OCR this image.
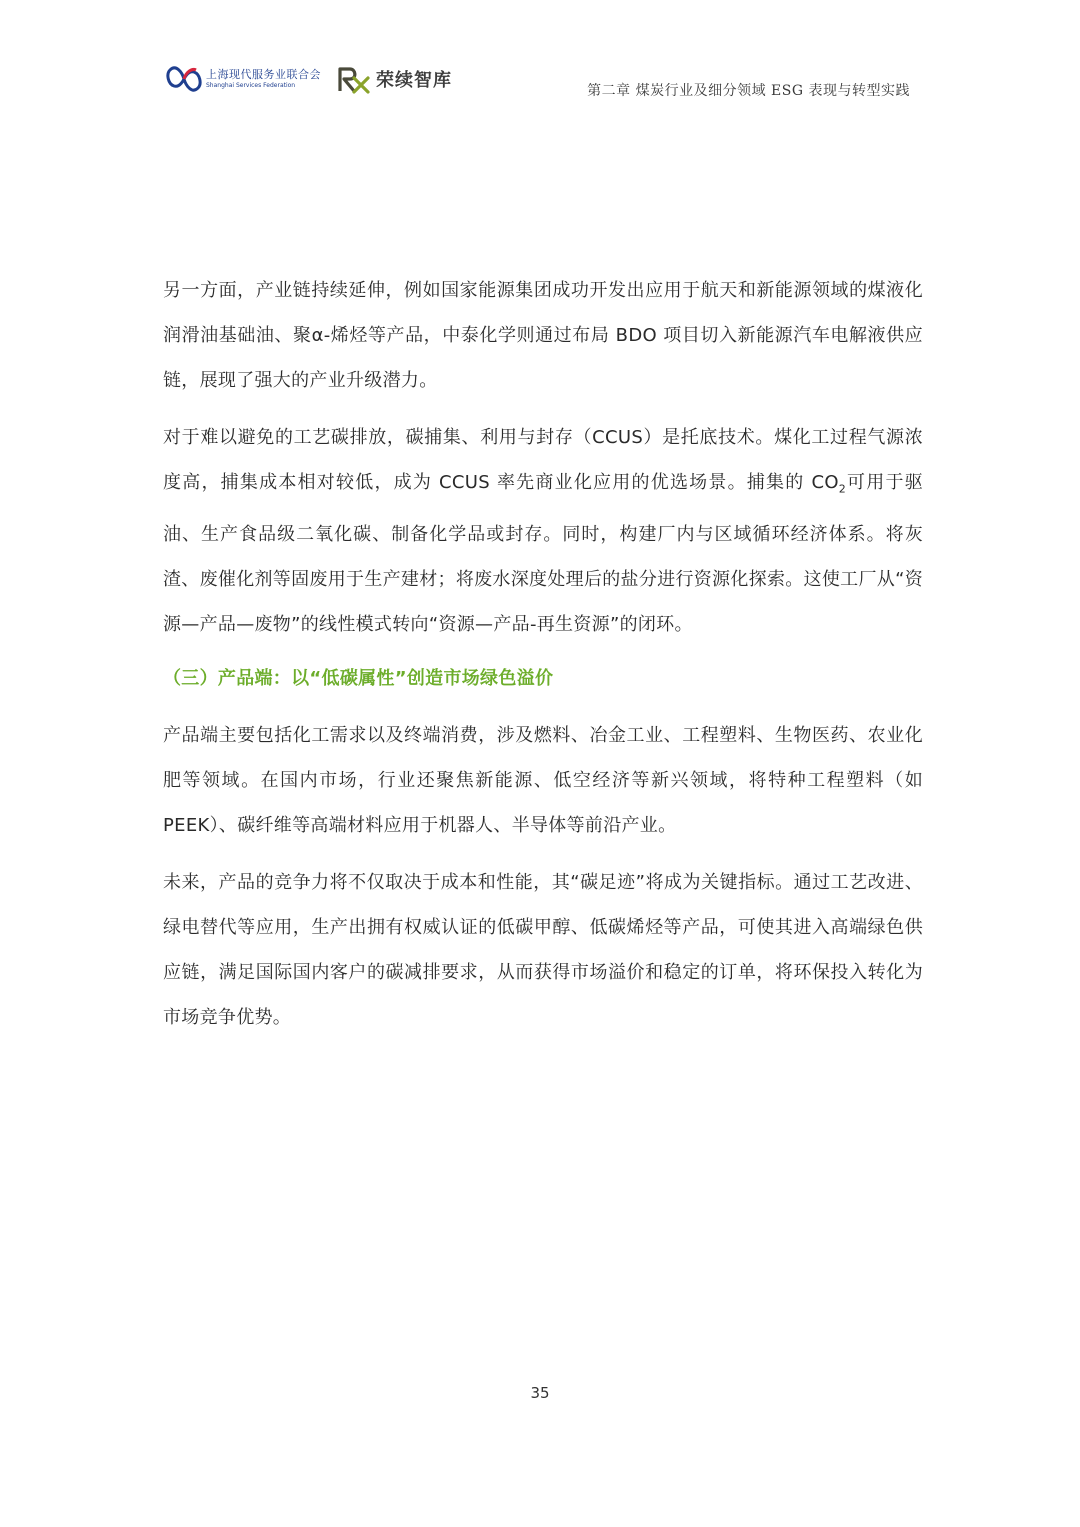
上海现代服务业联合会
Shanghai Services Federation	荣续智库	第二章 煤炭行业及细分领域 ESG 表现与转型实践

另一方面，产业链持续延伸，例如国家能源集团成功开发出应用于航天和新能源领域的煤液化润滑油基础油、聚α-烯烃等产品，中泰化学则通过布局 BDO 项目切入新能源汽车电解液供应链，展现了强大的产业升级潜力。

对于难以避免的工艺碳排放，碳捕集、利用与封存（CCUS）是托底技术。煤化工过程气源浓度高，捕集成本相对较低，成为 CCUS 率先商业化应用的优选场景。捕集的 $CO_2$可用于驱油、生产食品级二氧化碳、制备化学品或封存。同时，构建厂内与区域循环经济体系。将灰渣、废催化剂等固废用于生产建材；将废水深度处理后的盐分进行资源化探索。这使工厂从“资源—产品—废物”的线性模式转向“资源—产品-再生资源”的闭环。

（三）产品端：以“低碳属性”创造市场绿色溢价

产品端主要包括化工需求以及终端消费，涉及燃料、冶金工业、工程塑料、生物医药、农业化肥等领域。在国内市场，行业还聚焦新能源、低空经济等新兴领域，将特种工程塑料（如 PEEK）、碳纤维等高端材料应用于机器人、半导体等前沿产业。

未来，产品的竞争力将不仅取决于成本和性能，其“碳足迹”将成为关键指标。通过工艺改进、绿电替代等应用，生产出拥有权威认证的低碳甲醇、低碳烯烃等产品，可使其进入高端绿色供应链，满足国际国内客户的碳减排要求，从而获得市场溢价和稳定的订单，将环保投入转化为市场竞争优势。

35
